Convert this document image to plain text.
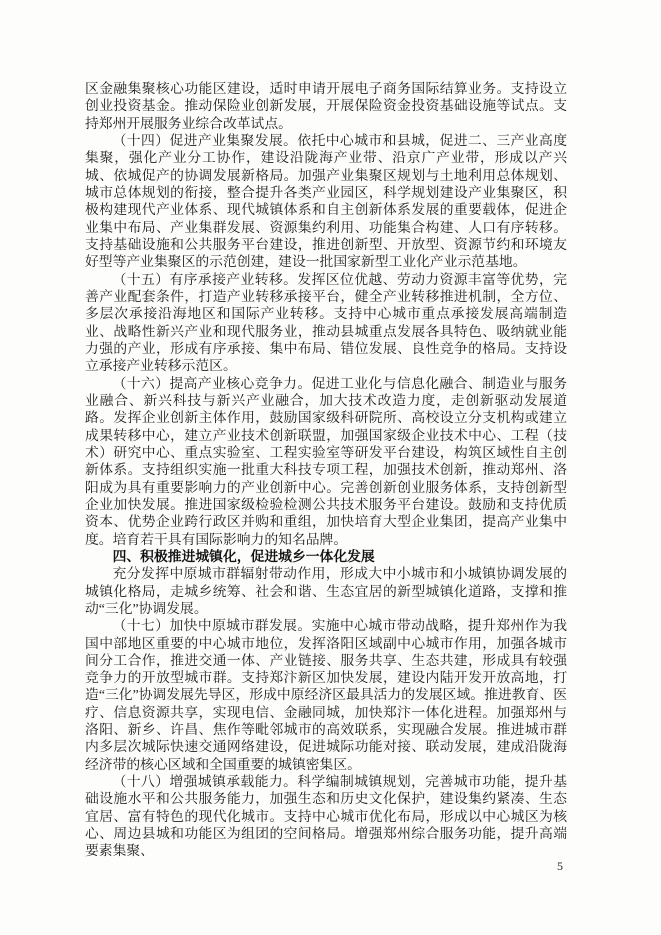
区金融集聚核心功能区建设，适时申请开展电子商务国际结算业务。支持设立创业投资基金。推动保险业创新发展，开展保险资金投资基础设施等试点。支持郑州开展服务业综合改革试点。

（十四）促进产业集聚发展。依托中心城市和县城，促进二、三产业高度集聚，强化产业分工协作，建设沿陇海产业带、沿京广产业带，形成以产兴城、依城促产的协调发展新格局。加强产业集聚区规划与土地利用总体规划、城市总体规划的衔接，整合提升各类产业园区，科学规划建设产业集聚区，积极构建现代产业体系、现代城镇体系和自主创新体系发展的重要载体，促进企业集中布局、产业集群发展、资源集约利用、功能集合构建、人口有序转移。支持基础设施和公共服务平台建设，推进创新型、开放型、资源节约和环境友好型等产业集聚区的示范创建，建设一批国家新型工业化产业示范基地。

（十五）有序承接产业转移。发挥区位优越、劳动力资源丰富等优势，完善产业配套条件，打造产业转移承接平台，健全产业转移推进机制，全方位、多层次承接沿海地区和国际产业转移。支持中心城市重点承接发展高端制造业、战略性新兴产业和现代服务业，推动县城重点发展各具特色、吸纳就业能力强的产业，形成有序承接、集中布局、错位发展、良性竞争的格局。支持设立承接产业转移示范区。

（十六）提高产业核心竞争力。促进工业化与信息化融合、制造业与服务业融合、新兴科技与新兴产业融合，加大技术改造力度，走创新驱动发展道路。发挥企业创新主体作用，鼓励国家级科研院所、高校设立分支机构或建立成果转移中心，建立产业技术创新联盟，加强国家级企业技术中心、工程（技术）研究中心、重点实验室、工程实验室等研发平台建设，构筑区域性自主创新体系。支持组织实施一批重大科技专项工程，加强技术创新，推动郑州、洛阳成为具有重要影响力的产业创新中心。完善创新创业服务体系，支持创新型企业加快发展。推进国家级检验检测公共技术服务平台建设。鼓励和支持优质资本、优势企业跨行政区并购和重组，加快培育大型企业集团，提高产业集中度。培育若干具有国际影响力的知名品牌。

四、积极推进城镇化，促进城乡一体化发展

充分发挥中原城市群辐射带动作用，形成大中小城市和小城镇协调发展的城镇化格局，走城乡统筹、社会和谐、生态宜居的新型城镇化道路，支撑和推动“三化”协调发展。

（十七）加快中原城市群发展。实施中心城市带动战略，提升郑州作为我国中部地区重要的中心城市地位，发挥洛阳区域副中心城市作用，加强各城市间分工合作，推进交通一体、产业链接、服务共享、生态共建，形成具有较强竞争力的开放型城市群。支持郑汴新区加快发展，建设内陆开发开放高地，打造“三化”协调发展先导区，形成中原经济区最具活力的发展区域。推进教育、医疗、信息资源共享，实现电信、金融同城，加快郑汴一体化进程。加强郑州与洛阳、新乡、许昌、焦作等毗邻城市的高效联系，实现融合发展。推进城市群内多层次城际快速交通网络建设，促进城际功能对接、联动发展，建成沿陇海经济带的核心区域和全国重要的城镇密集区。

（十八）增强城镇承载能力。科学编制城镇规划，完善城市功能，提升基础设施水平和公共服务能力，加强生态和历史文化保护，建设集约紧凑、生态宜居、富有特色的现代化城市。支持中心城市优化布局，形成以中心城区为核心、周边县城和功能区为组团的空间格局。增强郑州综合服务功能，提升高端要素集聚、

5
